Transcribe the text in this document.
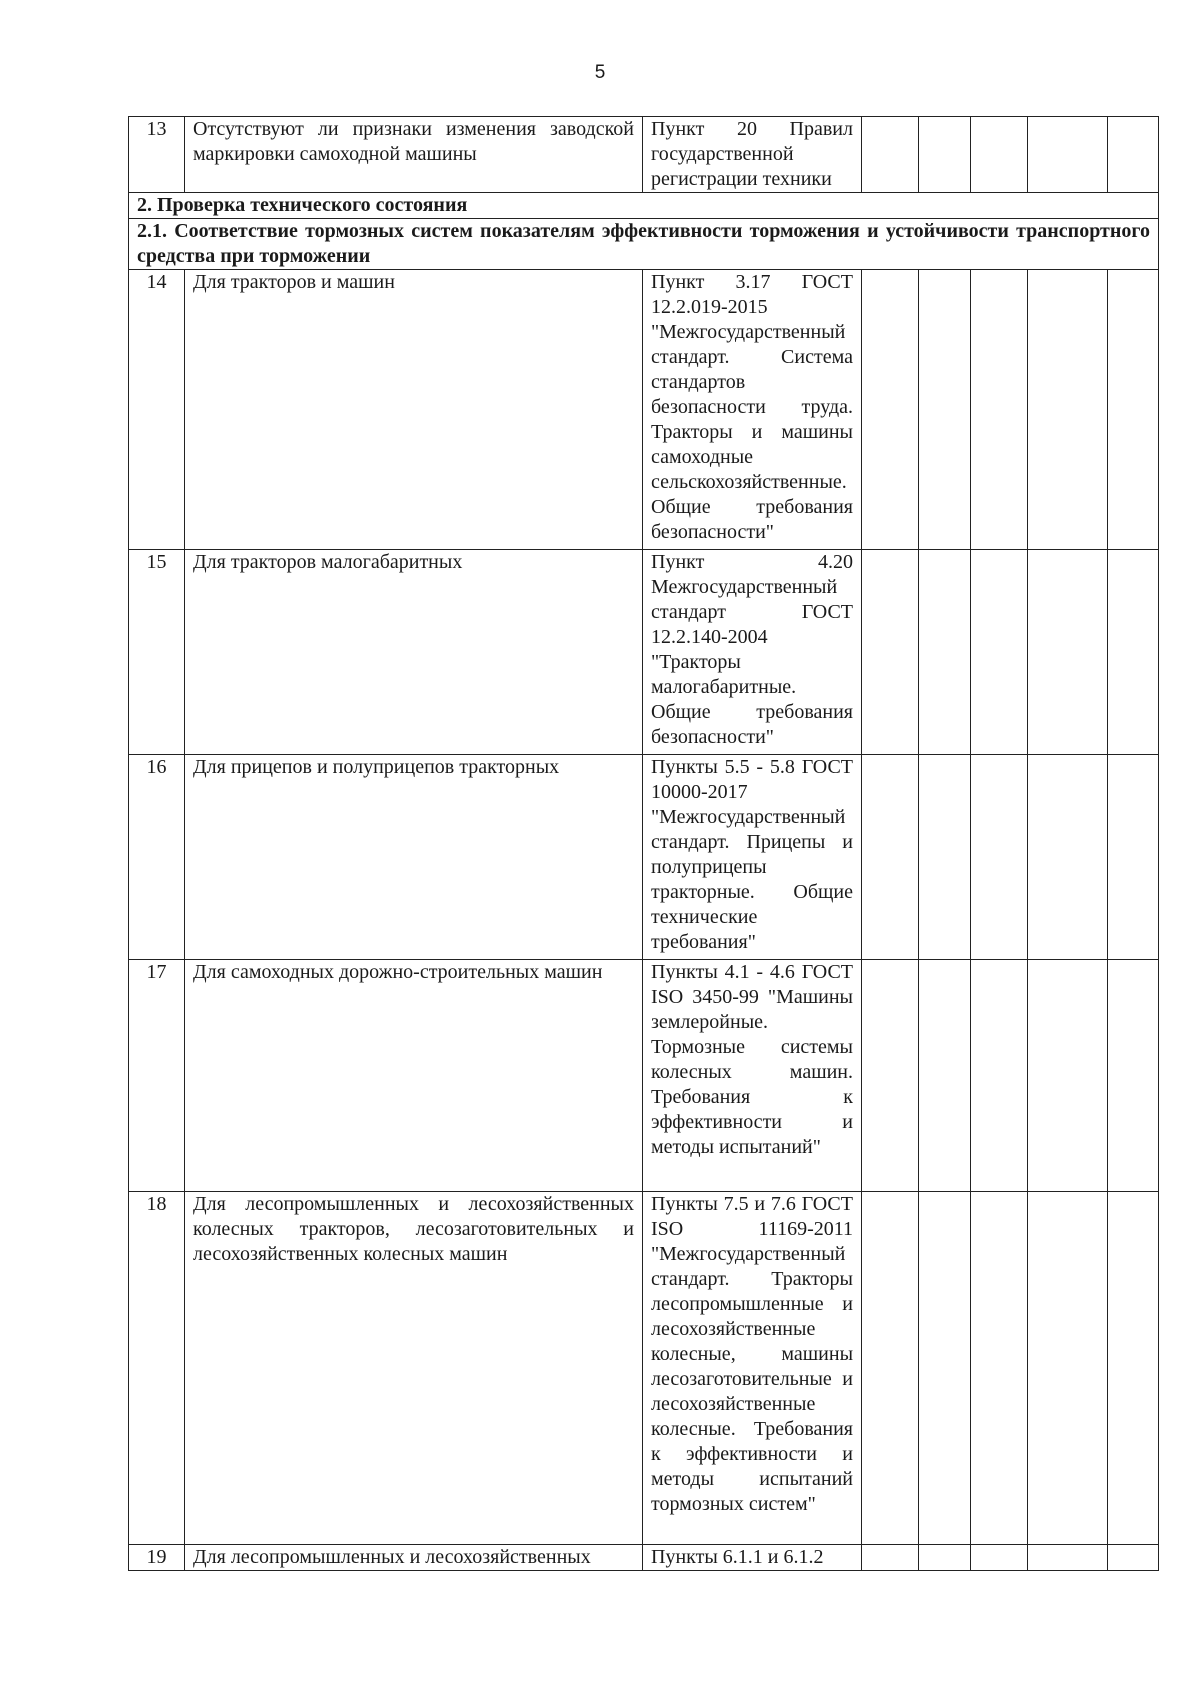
5
13	Отсутствуют ли признаки изменения заводской маркировки самоходной машины	Пункт 20 Правил государственной регистрации техники					
2. Проверка технического состояния							
2.1. Соответствие тормозных систем показателям эффективности торможения и устойчивости транспортного средства при торможении							
14	Для тракторов и машин	Пункт 3.17 ГОСТ 12.2.019-2015 "Межгосударственный стандарт. Система стандартов безопасности труда. Тракторы и машины самоходные сельскохозяйственные. Общие требования безопасности"					
15	Для тракторов малогабаритных	Пункт 4.20 Межгосударственный стандарт ГОСТ 12.2.140-2004 "Тракторы малогабаритные. Общие требования безопасности"					
16	Для прицепов и полуприцепов тракторных	Пункты 5.5 - 5.8 ГОСТ 10000-2017 "Межгосударственный стандарт. Прицепы и полуприцепы тракторные. Общие технические требования"					
17	Для самоходных дорожно-строительных машин	Пункты 4.1 - 4.6 ГОСТ ISO 3450-99 "Машины землеройные. Тормозные системы колесных машин. Требования к эффективности и методы испытаний"					
18	Для лесопромышленных и лесохозяйственных колесных тракторов, лесозаготовительных и лесохозяйственных колесных машин	Пункты 7.5 и 7.6 ГОСТ ISO 11169-2011 "Межгосударственный стандарт. Тракторы лесопромышленные и лесохозяйственные колесные, машины лесозаготовительные и лесохозяйственные колесные. Требования к эффективности и методы испытаний тормозных систем"					
19	Для лесопромышленных и лесохозяйственных	Пункты 6.1.1 и 6.1.2					
